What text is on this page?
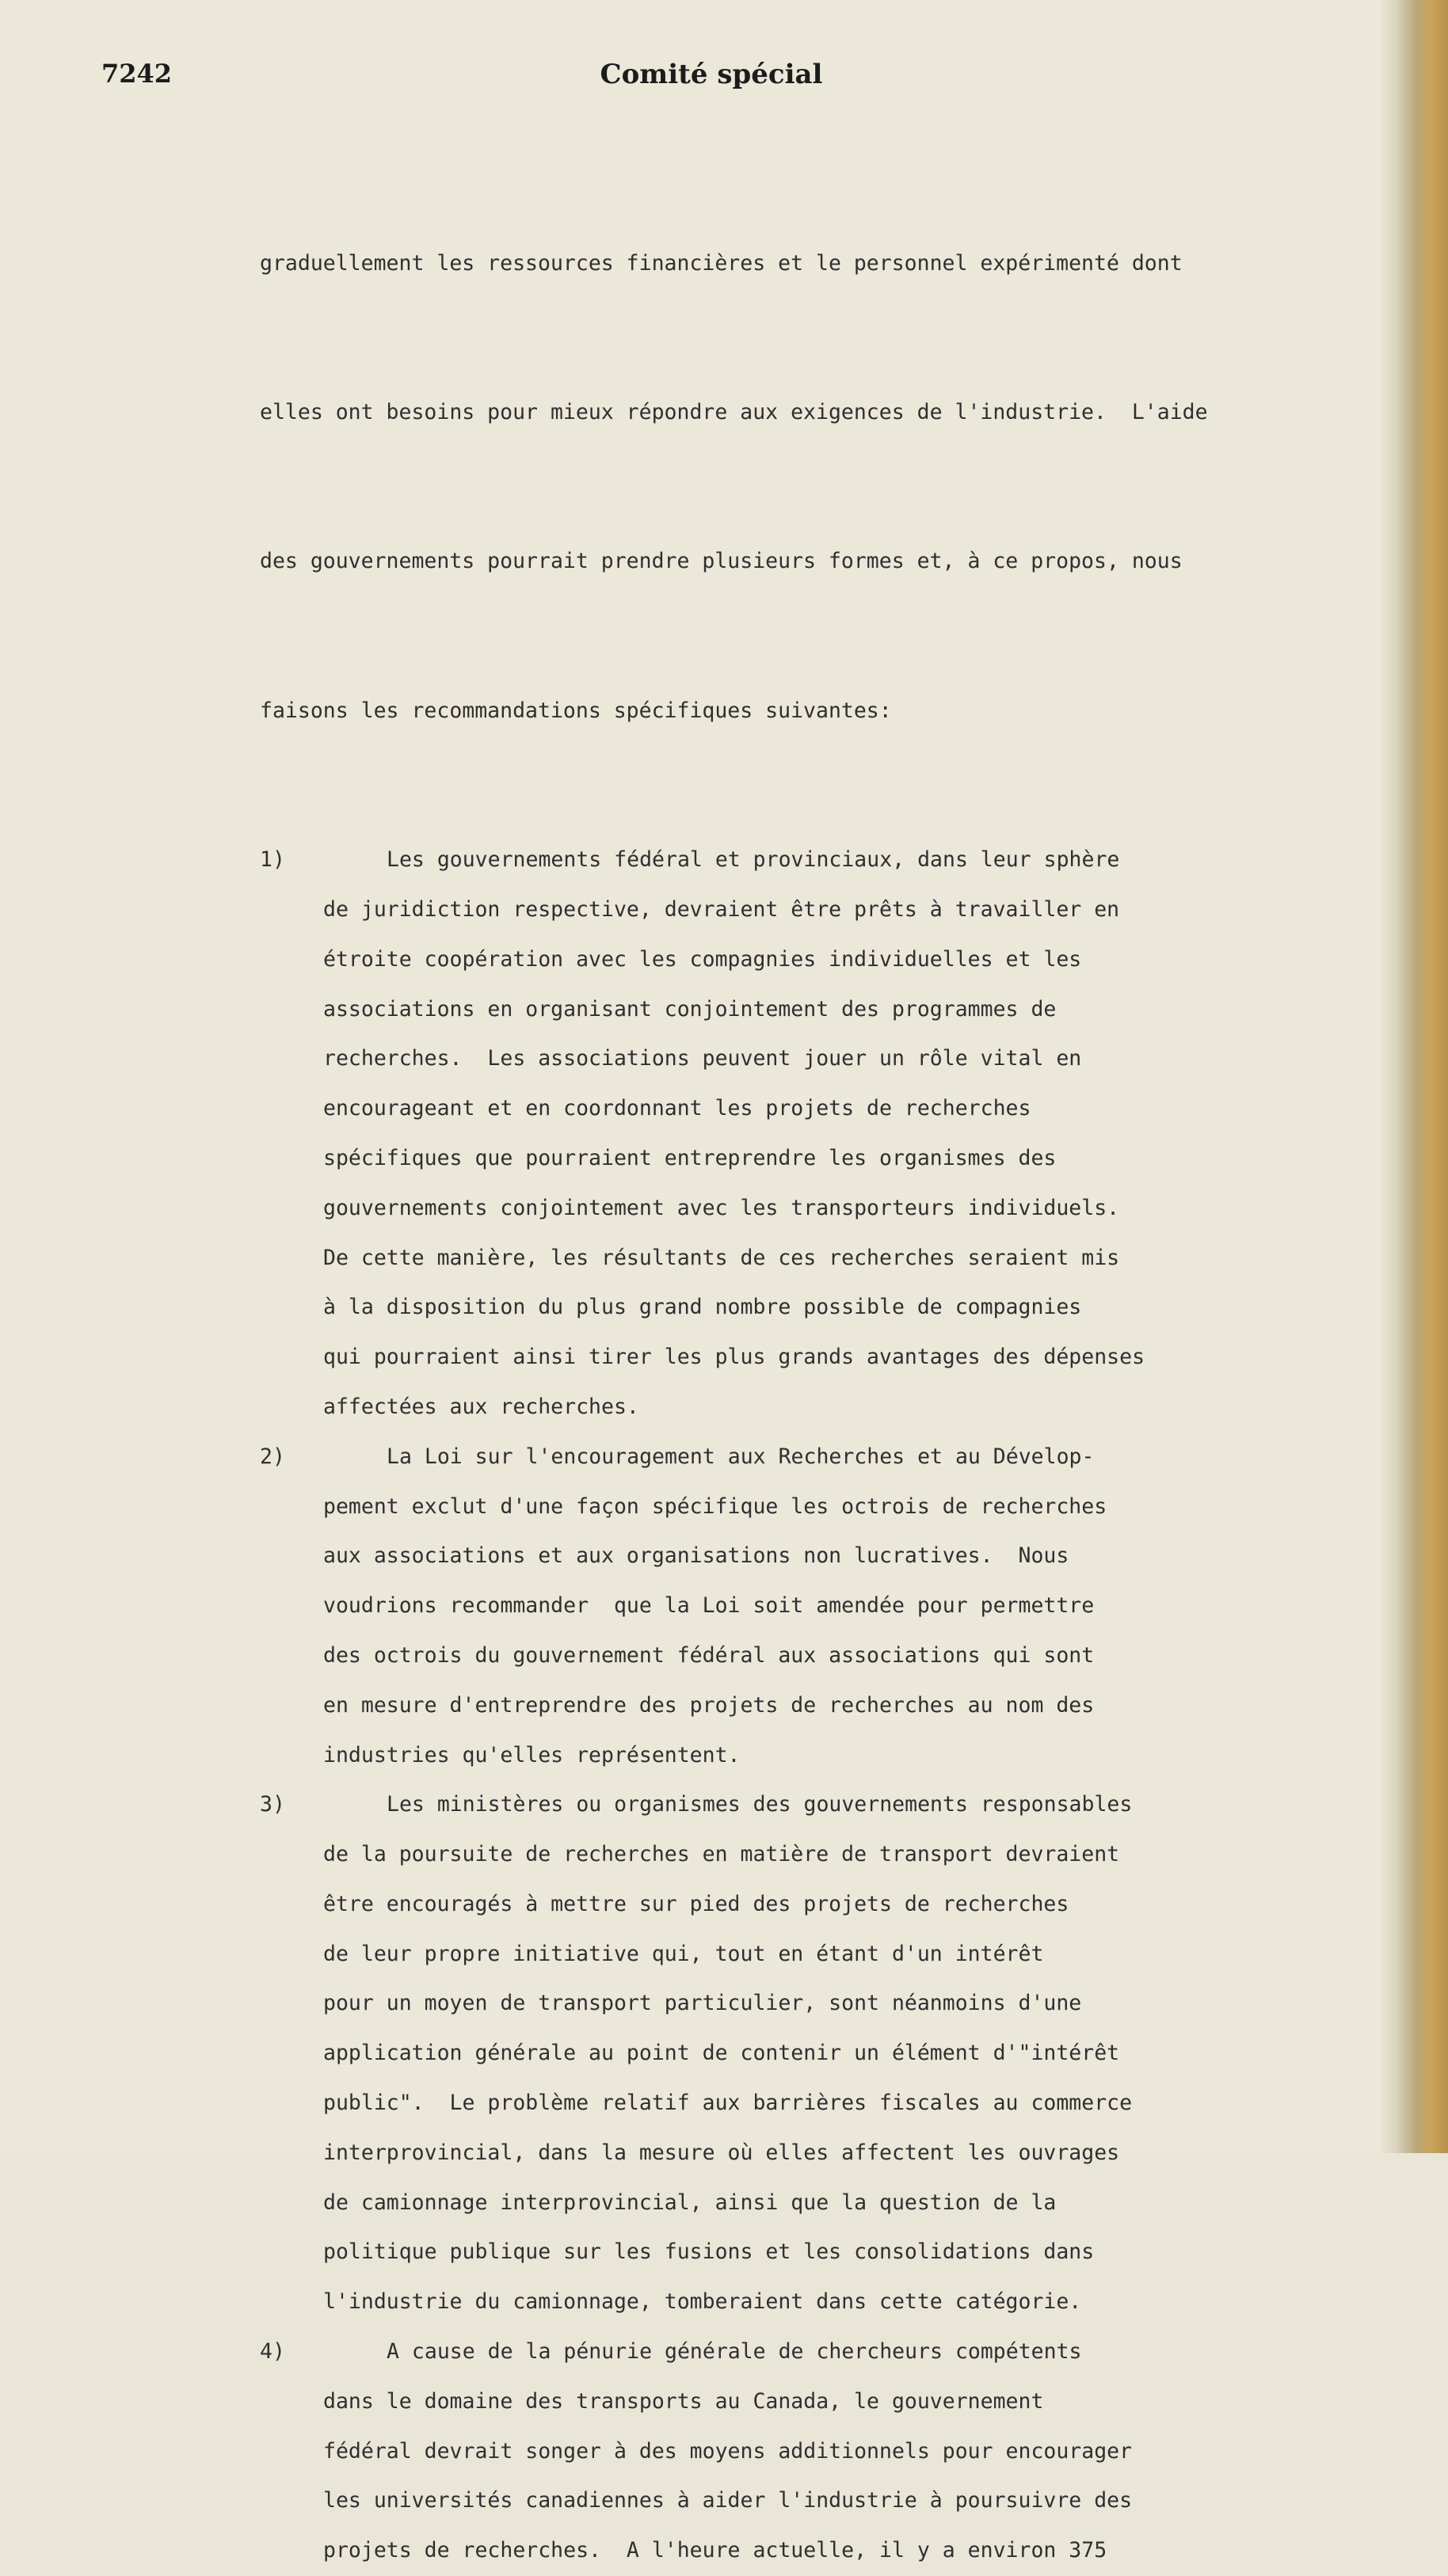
7242	Comité spécial

graduellement les ressources financières et le personnel expérimenté dont

elles ont besoins pour mieux répondre aux exigences de l'industrie.  L'aide

des gouvernements pourrait prendre plusieurs formes et, à ce propos, nous

faisons les recommandations spécifiques suivantes:

1)	Les gouvernements fédéral et provinciaux, dans leur sphère
de juridiction respective, devraient être prêts à travailler en
étroite coopération avec les compagnies individuelles et les
associations en organisant conjointement des programmes de
recherches.  Les associations peuvent jouer un rôle vital en
encourageant et en coordonnant les projets de recherches
spécifiques que pourraient entreprendre les organismes des
gouvernements conjointement avec les transporteurs individuels.
De cette manière, les résultants de ces recherches seraient mis
à la disposition du plus grand nombre possible de compagnies
qui pourraient ainsi tirer les plus grands avantages des dépenses
affectées aux recherches.
2)	La Loi sur l'encouragement aux Recherches et au Dévelop-
pement exclut d'une façon spécifique les octrois de recherches
aux associations et aux organisations non lucratives.  Nous
voudrions recommander  que la Loi soit amendée pour permettre
des octrois du gouvernement fédéral aux associations qui sont
en mesure d'entreprendre des projets de recherches au nom des
industries qu'elles représentent.
3)	Les ministères ou organismes des gouvernements responsables
de la poursuite de recherches en matière de transport devraient
être encouragés à mettre sur pied des projets de recherches
de leur propre initiative qui, tout en étant d'un intérêt
pour un moyen de transport particulier, sont néanmoins d'une
application générale au point de contenir un élément d'"intérêt
public".  Le problème relatif aux barrières fiscales au commerce
interprovincial, dans la mesure où elles affectent les ouvrages
de camionnage interprovincial, ainsi que la question de la
politique publique sur les fusions et les consolidations dans
l'industrie du camionnage, tomberaient dans cette catégorie.
4)	A cause de la pénurie générale de chercheurs compétents
dans le domaine des transports au Canada, le gouvernement
fédéral devrait songer à des moyens additionnels pour encourager
les universités canadiennes à aider l'industrie à poursuivre des
projets de recherches.  A l'heure actuelle, il y a environ 375
